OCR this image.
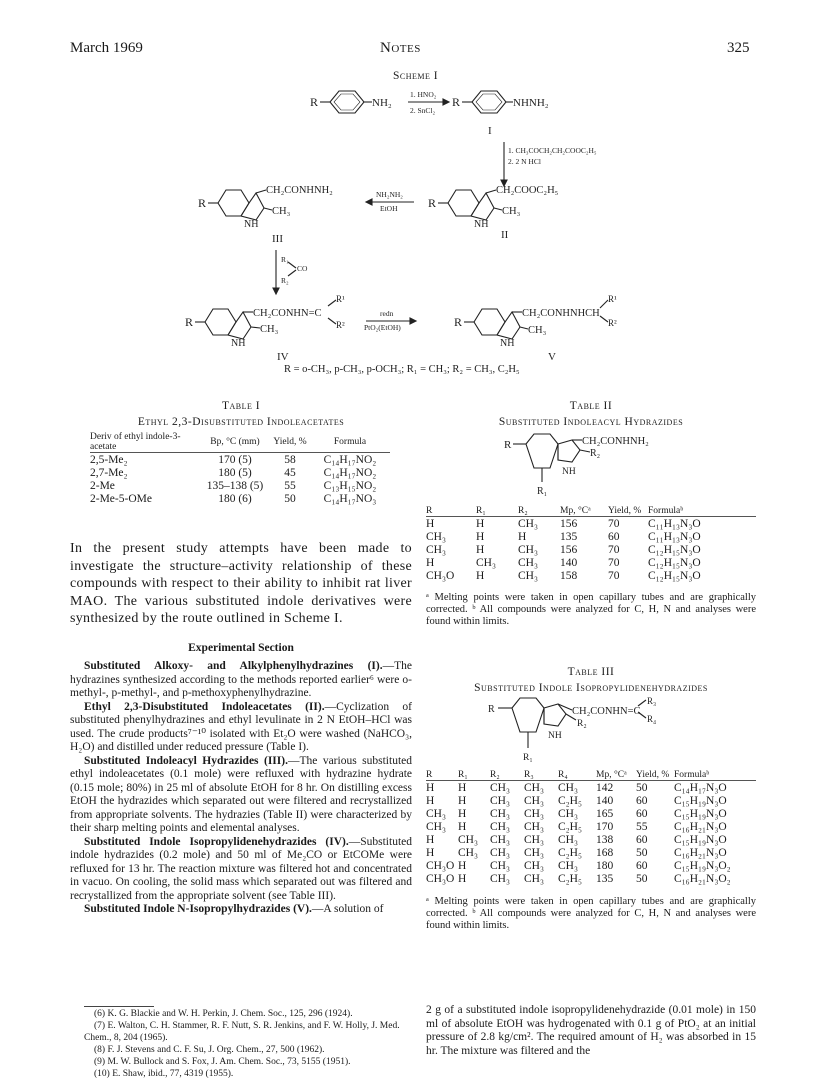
March 1969	Notes	325
Scheme I
R	NH₂
1. HNO₂
2. SnCl₂
R	NHNH₂
I
1. CH₃COCH₂CH₂COOC₂H₅
2. 2 N HCl
R
NH
CH₂COOC₂H₅
CH₃
II
NH₂NH₂
EtOH
R
NH
CH₂CONHNH₂
CH₃
III
R₁
CO
R₂
R
NH
CH₂CONHN=C
R¹
R²
CH₃
IV
redn
PtO₂(EtOH)	R
NH
CH₂CONHNHCH
R¹
R²
CH₃
V
R = o-CH₃, p-CH₃, p-OCH₃; R₁ = CH₃; R₂ = CH₃, C₂H₅
Table I
Ethyl 2,3-Disubstituted Indoleacetates
Deriv of ethyl indole-3-acetate	Bp, °C (mm)	Yield, %	Formula
2,5-Me₂	170 (5)	58	C₁₄H₁₇NO₂
2,7-Me₂	180 (5)	45	C₁₄H₁₇NO₂
2-Me	135–138 (5)	55	C₁₃H₁₅NO₂
2-Me-5-OMe	180 (6)	50	C₁₄H₁₇NO₃
In the present study attempts have been made to investigate the structure–activity relationship of these compounds with respect to their ability to inhibit rat liver MAO. The various substituted indole derivatives were synthesized by the route outlined in Scheme I.
Experimental Section
Substituted Alkoxy- and Alkylphenylhydrazines (I).—The hydrazines synthesized according to the methods reported earlier⁶ were o-methyl-, p-methyl-, and p-methoxyphenylhydrazine.
Ethyl 2,3-Disubstituted Indoleacetates (II).—Cyclization of substituted phenylhydrazines and ethyl levulinate in 2 N EtOH–HCl was used. The crude products⁷⁻¹⁰ isolated with Et₂O were washed (NaHCO₃, H₂O) and distilled under reduced pressure (Table I).
Substituted Indoleacyl Hydrazides (III).—The various substituted ethyl indoleacetates (0.1 mole) were refluxed with hydrazine hydrate (0.15 mole; 80%) in 25 ml of absolute EtOH for 8 hr. On distilling excess EtOH the hydrazides which separated out were filtered and recrystallized from appropriate solvents. The hydrazies (Table II) were characterized by their sharp melting points and elemental analyses.
Substituted Indole Isopropylidenehydrazides (IV).—Substituted indole hydrazides (0.2 mole) and 50 ml of Me₂CO or EtCOMe were refluxed for 13 hr. The reaction mixture was filtered hot and concentrated in vacuo. On cooling, the solid mass which separated out was filtered and recrystallized from the appropriate solvent (see Table III).
Substituted Indole N-Isopropylhydrazides (V).—A solution of
(6) K. G. Blackie and W. H. Perkin, J. Chem. Soc., 125, 296 (1924).
(7) E. Walton, C. H. Stammer, R. F. Nutt, S. R. Jenkins, and F. W. Holly, J. Med. Chem., 8, 204 (1965).
(8) F. J. Stevens and C. F. Su, J. Org. Chem., 27, 500 (1962).
(9) M. W. Bullock and S. Fox, J. Am. Chem. Soc., 73, 5155 (1951).
(10) E. Shaw, ibid., 77, 4319 (1955).
Table II
Substituted Indoleacyl Hydrazides
R
NH
CH₂CONHNH₂
R₂
R₁
R	R₁	R₂	Mp, °Cᵃ	Yield, %	Formulaᵇ
H	H	CH₃	156	70	C₁₁H₁₃N₃O
CH₃	H	H	135	60	C₁₁H₁₃N₃O
CH₃	H	CH₃	156	70	C₁₂H₁₅N₃O
H	CH₃	CH₃	140	70	C₁₂H₁₅N₃O
CH₃O	H	CH₃	158	70	C₁₂H₁₅N₃O
ᵃ Melting points were taken in open capillary tubes and are graphically corrected. ᵇ All compounds were analyzed for C, H, N and analyses were found within limits.
Table III
Substituted Indole Isopropylidenehydrazides
R
NH
CH₂CONHN=C
R₃
R₄
R₂
R₁
R	R₁	R₂	R₃	R₄	Mp, °Cᵃ	Yield, %	Formulaᵇ
H	H	CH₃	CH₃	CH₃	142	50	C₁₄H₁₇N₃O
H	H	CH₃	CH₃	C₂H₅	140	60	C₁₅H₁₉N₃O
CH₃	H	CH₃	CH₃	CH₃	165	60	C₁₅H₁₉N₃O
CH₃	H	CH₃	CH₃	C₂H₅	170	55	C₁₆H₂₁N₃O
H	CH₃	CH₃	CH₃	CH₃	138	60	C₁₅H₁₉N₃O
H	CH₃	CH₃	CH₃	C₂H₅	168	50	C₁₆H₂₁N₃O
CH₃O	H	CH₃	CH₃	CH₃	180	60	C₁₅H₁₉N₃O₂
CH₃O	H	CH₃	CH₃	C₂H₅	135	50	C₁₆H₂₁N₃O₂
ᵃ Melting points were taken in open capillary tubes and are graphically corrected. ᵇ All compounds were analyzed for C, H, N and analyses were found within limits.
2 g of a substituted indole isopropylidenehydrazide (0.01 mole) in 150 ml of absolute EtOH was hydrogenated with 0.1 g of PtO₂ at an initial pressure of 2.8 kg/cm². The required amount of H₂ was absorbed in 15 hr. The mixture was filtered and the
